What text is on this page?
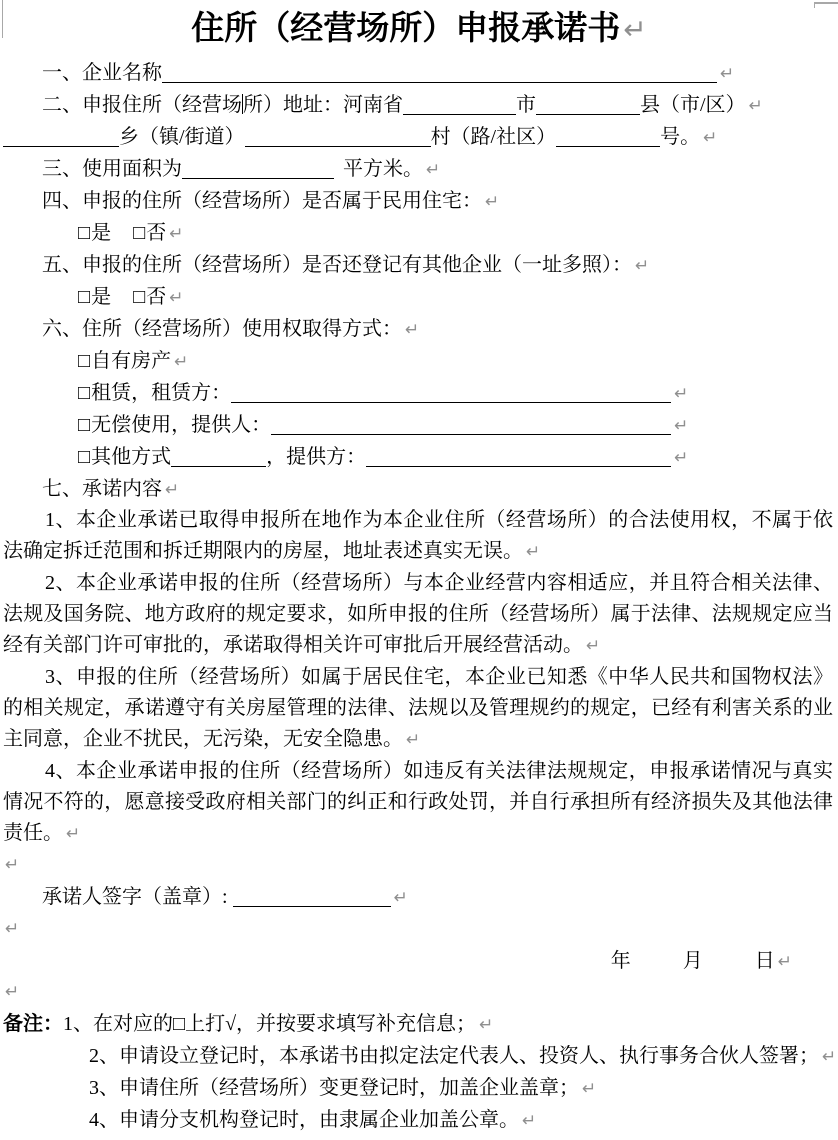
住所（经营场所）申报承诺书 ↵
一、企业名称	↵
二、申报住所（经营场所）地址：河南省	市	县（市/区） ↵
乡（镇/街道）	村（路/社区）	号。 ↵
三、使用面积为	平方米。 ↵
四、申报的住所（经营场所）是否属于民用住宅： ↵
□是 □否 ↵
五、申报的住所（经营场所）是否还登记有其他企业（一址多照）： ↵
□是 □否 ↵
六、住所（经营场所）使用权取得方式： ↵
□自有房产 ↵
□租赁，租赁方：	↵
□无偿使用，提供人：	↵
□其他方式	，提供方：	↵
七、承诺内容 ↵

1、本企业承诺已取得申报所在地作为本企业住所（经营场所）的合法使用权，不属于依法确定拆迁范围和拆迁期限内的房屋，地址表述真实无误。 ↵

2、本企业承诺申报的住所（经营场所）与本企业经营内容相适应，并且符合相关法律、法规及国务院、地方政府的规定要求，如所申报的住所（经营场所）属于法律、法规规定应当经有关部门许可审批的，承诺取得相关许可审批后开展经营活动。 ↵

3、申报的住所（经营场所）如属于居民住宅，本企业已知悉《中华人民共和国物权法》的相关规定，承诺遵守有关房屋管理的法律、法规以及管理规约的规定，已经有利害关系的业主同意，企业不扰民，无污染，无安全隐患。 ↵

4、本企业承诺申报的住所（经营场所）如违反有关法律法规规定，申报承诺情况与真实情况不符的，愿意接受政府相关部门的纠正和行政处罚，并自行承担所有经济损失及其他法律责任。 ↵

↵
承诺人签字（盖章）:	↵
↵
年	月	日 ↵
↵
备注：1、在对应的□上打√，并按要求填写补充信息； ↵
2、申请设立登记时，本承诺书由拟定法定代表人、投资人、执行事务合伙人签署； ↵
3、申请住所（经营场所）变更登记时，加盖企业盖章； ↵
4、申请分支机构登记时，由隶属企业加盖公章。 ↵
